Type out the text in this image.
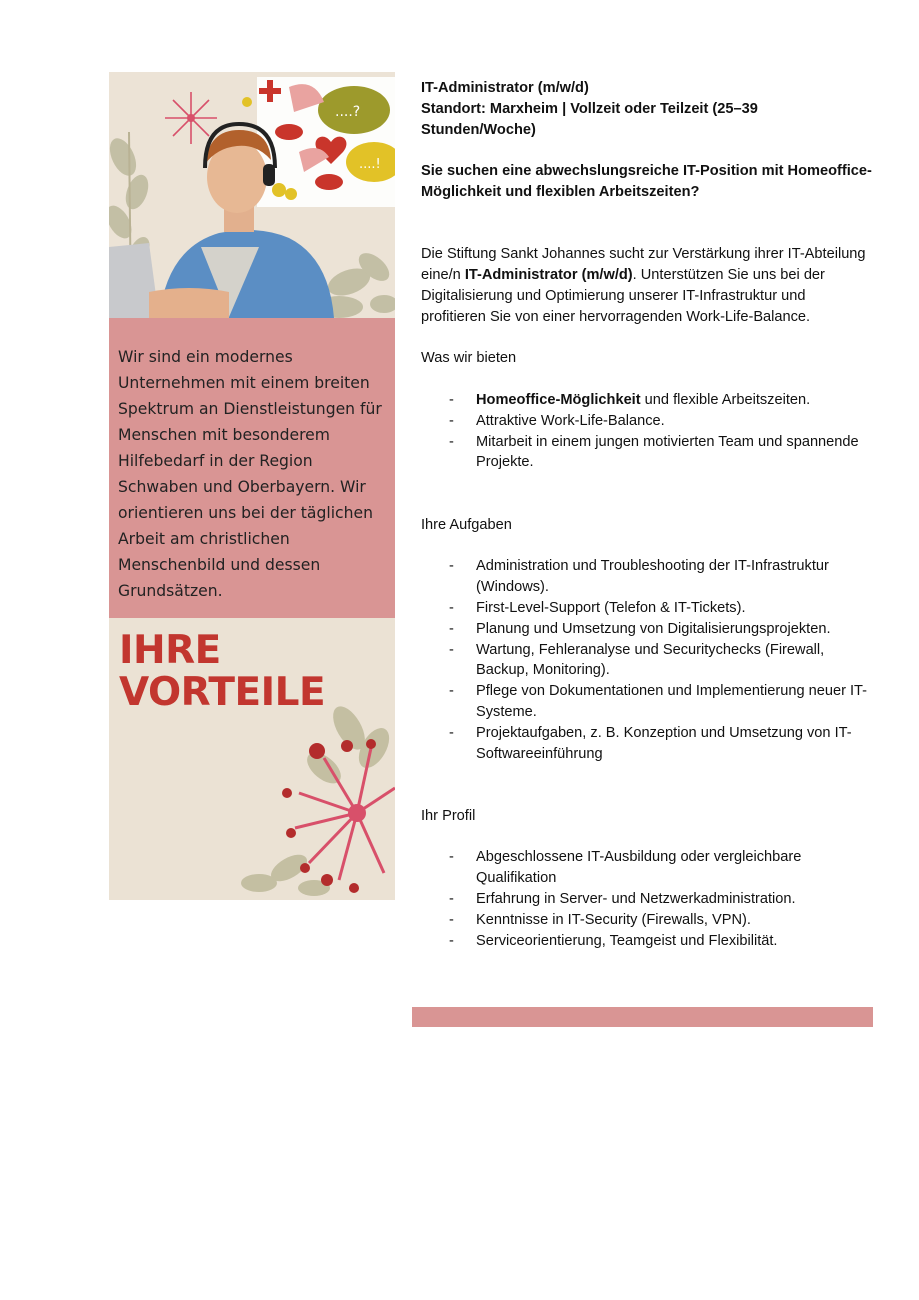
....?
....!

Wir sind ein modernes Unternehmen mit einem breiten Spektrum an Dienstleistungen für Menschen mit besonderem Hilfebedarf in der Region Schwaben und Oberbayern. Wir orientieren uns bei der täglichen Arbeit am christlichen Menschenbild und dessen Grundsätzen.

IHRE
VORTEILE

IT-Administrator (m/w/d)

Standort: Marxheim | Vollzeit oder Teilzeit (25–39 Stunden/Woche)

Sie suchen eine abwechslungsreiche IT-Position mit Homeoffice-Möglichkeit und flexiblen Arbeitszeiten?

Die Stiftung Sankt Johannes sucht zur Verstärkung ihrer IT-Abteilung eine/n IT-Administrator (m/w/d). Unterstützen Sie uns bei der Digitalisierung und Optimierung unserer IT-Infrastruktur und profitieren Sie von einer hervorragenden Work-Life-Balance.

Was wir bieten

- Homeoffice-Möglichkeit und flexible Arbeitszeiten.
- Attraktive Work-Life-Balance.
- Mitarbeit in einem jungen motivierten Team und spannende Projekte.

Ihre Aufgaben

- Administration und Troubleshooting der IT-Infrastruktur (Windows).
- First-Level-Support (Telefon & IT-Tickets).
- Planung und Umsetzung von Digitalisierungsprojekten.
- Wartung, Fehleranalyse und Securitychecks (Firewall, Backup, Monitoring).
- Pflege von Dokumentationen und Implementierung neuer IT-Systeme.
- Projektaufgaben, z. B. Konzeption und Umsetzung von IT-Softwareeinführung

Ihr Profil

- Abgeschlossene IT-Ausbildung oder vergleichbare Qualifikation
- Erfahrung in Server- und Netzwerkadministration.
- Kenntnisse in IT-Security (Firewalls, VPN).
- Serviceorientierung, Teamgeist und Flexibilität.
